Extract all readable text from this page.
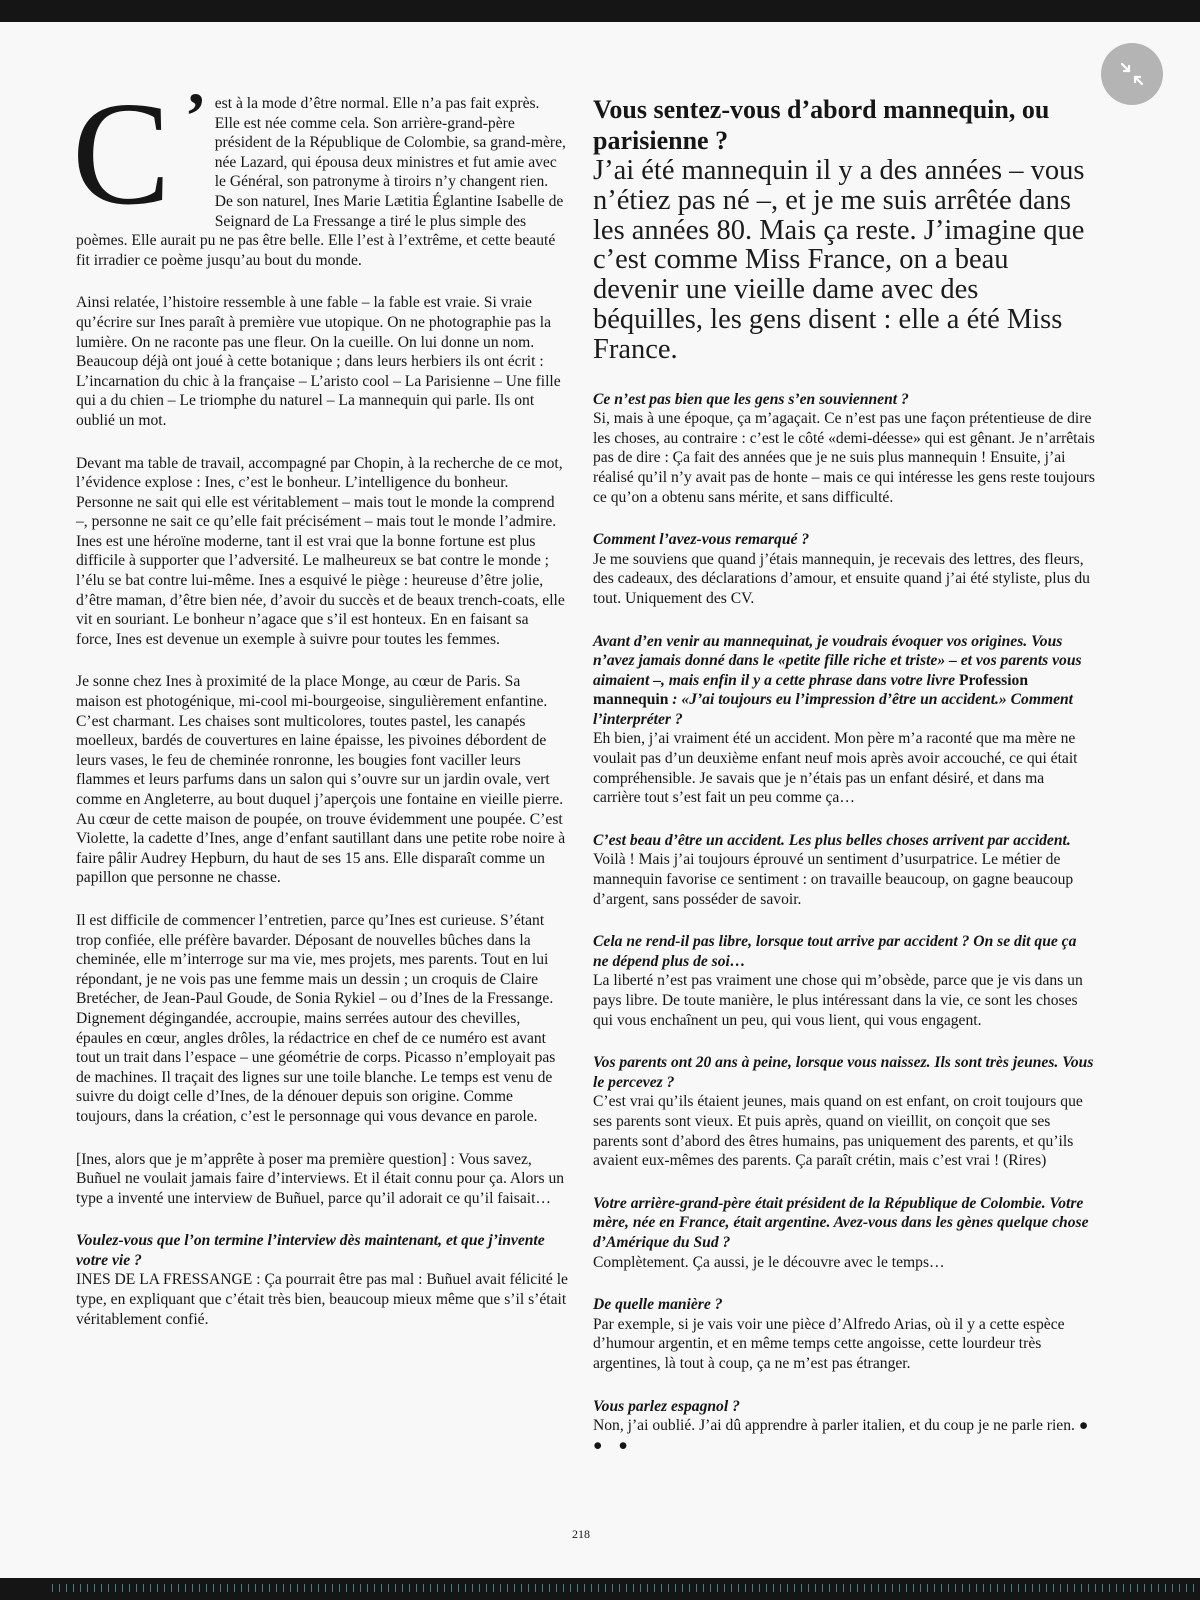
C ’ est à la mode d’être normal. Elle n’a pas fait exprès. Elle est née comme cela. Son arrière-grand-père président de la République de Colombie, sa grand-mère, née Lazard, qui épousa deux ministres et fut amie avec le Général, son patronyme à tiroirs n’y changent rien. De son naturel, Ines Marie Lætitia Églantine Isabelle de Seignard de La Fressange a tiré le plus simple des poèmes. Elle aurait pu ne pas être belle. Elle l’est à l’extrême, et cette beauté fit irradier ce poème jusqu’au bout du monde.

Ainsi relatée, l’histoire ressemble à une fable – la fable est vraie. Si vraie qu’écrire sur Ines paraît à première vue utopique. On ne photographie pas la lumière. On ne raconte pas une fleur. On la cueille. On lui donne un nom. Beaucoup déjà ont joué à cette botanique ; dans leurs herbiers ils ont écrit : L’incarnation du chic à la française – L’aristo cool – La Parisienne – Une fille qui a du chien – Le triomphe du naturel – La mannequin qui parle. Ils ont oublié un mot.

Devant ma table de travail, accompagné par Chopin, à la recherche de ce mot, l’évidence explose : Ines, c’est le bonheur. L’intelligence du bonheur. Personne ne sait qui elle est véritablement – mais tout le monde la comprend –, personne ne sait ce qu’elle fait précisément – mais tout le monde l’admire. Ines est une héroïne moderne, tant il est vrai que la bonne fortune est plus difficile à supporter que l’adversité. Le malheureux se bat contre le monde ; l’élu se bat contre lui-même. Ines a esquivé le piège : heureuse d’être jolie, d’être maman, d’être bien née, d’avoir du succès et de beaux trench-coats, elle vit en souriant. Le bonheur n’agace que s’il est honteux. En en faisant sa force, Ines est devenue un exemple à suivre pour toutes les femmes.

Je sonne chez Ines à proximité de la place Monge, au cœur de Paris. Sa maison est photogénique, mi-cool mi-bourgeoise, singulièrement enfantine. C’est charmant. Les chaises sont multicolores, toutes pastel, les canapés moelleux, bardés de couvertures en laine épaisse, les pivoines débordent de leurs vases, le feu de cheminée ronronne, les bougies font vaciller leurs flammes et leurs parfums dans un salon qui s’ouvre sur un jardin ovale, vert comme en Angleterre, au bout duquel j’aperçois une fontaine en vieille pierre. Au cœur de cette maison de poupée, on trouve évidemment une poupée. C’est Violette, la cadette d’Ines, ange d’enfant sautillant dans une petite robe noire à faire pâlir Audrey Hepburn, du haut de ses 15 ans. Elle disparaît comme un papillon que personne ne chasse.

Il est difficile de commencer l’entretien, parce qu’Ines est curieuse. S’étant trop confiée, elle préfère bavarder. Déposant de nouvelles bûches dans la cheminée, elle m’interroge sur ma vie, mes projets, mes parents. Tout en lui répondant, je ne vois pas une femme mais un dessin ; un croquis de Claire Bretécher, de Jean-Paul Goude, de Sonia Rykiel – ou d’Ines de la Fressange. Dignement dégingandée, accroupie, mains serrées autour des chevilles, épaules en cœur, angles drôles, la rédactrice en chef de ce numéro est avant tout un trait dans l’espace – une géométrie de corps. Picasso n’employait pas de machines. Il traçait des lignes sur une toile blanche. Le temps est venu de suivre du doigt celle d’Ines, de la dénouer depuis son origine. Comme toujours, dans la création, c’est le personnage qui vous devance en parole.

[Ines, alors que je m’apprête à poser ma première question] : Vous savez, Buñuel ne voulait jamais faire d’interviews. Et il était connu pour ça. Alors un type a inventé une interview de Buñuel, parce qu’il adorait ce qu’il faisait…

Voulez-vous que l’on termine l’interview dès maintenant, et que j’invente votre vie ?
INES DE LA FRESSANGE : Ça pourrait être pas mal : Buñuel avait félicité le type, en expliquant que c’était très bien, beaucoup mieux même que s’il s’était véritablement confié.

Vous sentez-vous d’abord mannequin, ou parisienne ?

J’ai été mannequin il y a des années – vous n’étiez pas né –, et je me suis arrêtée dans les années 80. Mais ça reste. J’imagine que c’est comme Miss France, on a beau devenir une vieille dame avec des béquilles, les gens disent : elle a été Miss France.

Ce n’est pas bien que les gens s’en souviennent ?
Si, mais à une époque, ça m’agaçait. Ce n’est pas une façon prétentieuse de dire les choses, au contraire : c’est le côté «demi-déesse» qui est gênant. Je n’arrêtais pas de dire : Ça fait des années que je ne suis plus mannequin ! Ensuite, j’ai réalisé qu’il n’y avait pas de honte – mais ce qui intéresse les gens reste toujours ce qu’on a obtenu sans mérite, et sans difficulté.

Comment l’avez-vous remarqué ?
Je me souviens que quand j’étais mannequin, je recevais des lettres, des fleurs, des cadeaux, des déclarations d’amour, et ensuite quand j’ai été styliste, plus du tout. Uniquement des CV.

Avant d’en venir au mannequinat, je voudrais évoquer vos origines. Vous n’avez jamais donné dans le «petite fille riche et triste» – et vos parents vous aimaient –, mais enfin il y a cette phrase dans votre livre Profession mannequin : «J’ai toujours eu l’impression d’être un accident.» Comment l’interpréter ?
Eh bien, j’ai vraiment été un accident. Mon père m’a raconté que ma mère ne voulait pas d’un deuxième enfant neuf mois après avoir accouché, ce qui était compréhensible. Je savais que je n’étais pas un enfant désiré, et dans ma carrière tout s’est fait un peu comme ça…

C’est beau d’être un accident. Les plus belles choses arrivent par accident.
Voilà ! Mais j’ai toujours éprouvé un sentiment d’usurpatrice. Le métier de mannequin favorise ce sentiment : on travaille beaucoup, on gagne beaucoup d’argent, sans posséder de savoir.

Cela ne rend-il pas libre, lorsque tout arrive par accident ? On se dit que ça ne dépend plus de soi…
La liberté n’est pas vraiment une chose qui m’obsède, parce que je vis dans un pays libre. De toute manière, le plus intéressant dans la vie, ce sont les choses qui vous enchaînent un peu, qui vous lient, qui vous engagent.

Vos parents ont 20 ans à peine, lorsque vous naissez. Ils sont très jeunes. Vous le percevez ?
C’est vrai qu’ils étaient jeunes, mais quand on est enfant, on croit toujours que ses parents sont vieux. Et puis après, quand on vieillit, on conçoit que ses parents sont d’abord des êtres humains, pas uniquement des parents, et qu’ils avaient eux-mêmes des parents. Ça paraît crétin, mais c’est vrai ! (Rires)

Votre arrière-grand-père était président de la République de Colombie. Votre mère, née en France, était argentine. Avez-vous dans les gènes quelque chose d’Amérique du Sud ?
Complètement. Ça aussi, je le découvre avec le temps…

De quelle manière ?
Par exemple, si je vais voir une pièce d’Alfredo Arias, où il y a cette espèce d’humour argentin, et en même temps cette angoisse, cette lourdeur très argentines, là tout à coup, ça ne m’est pas étranger.

Vous parlez espagnol ?
Non, j’ai oublié. J’ai dû apprendre à parler italien, et du coup je ne parle rien. ● ● ●

218
